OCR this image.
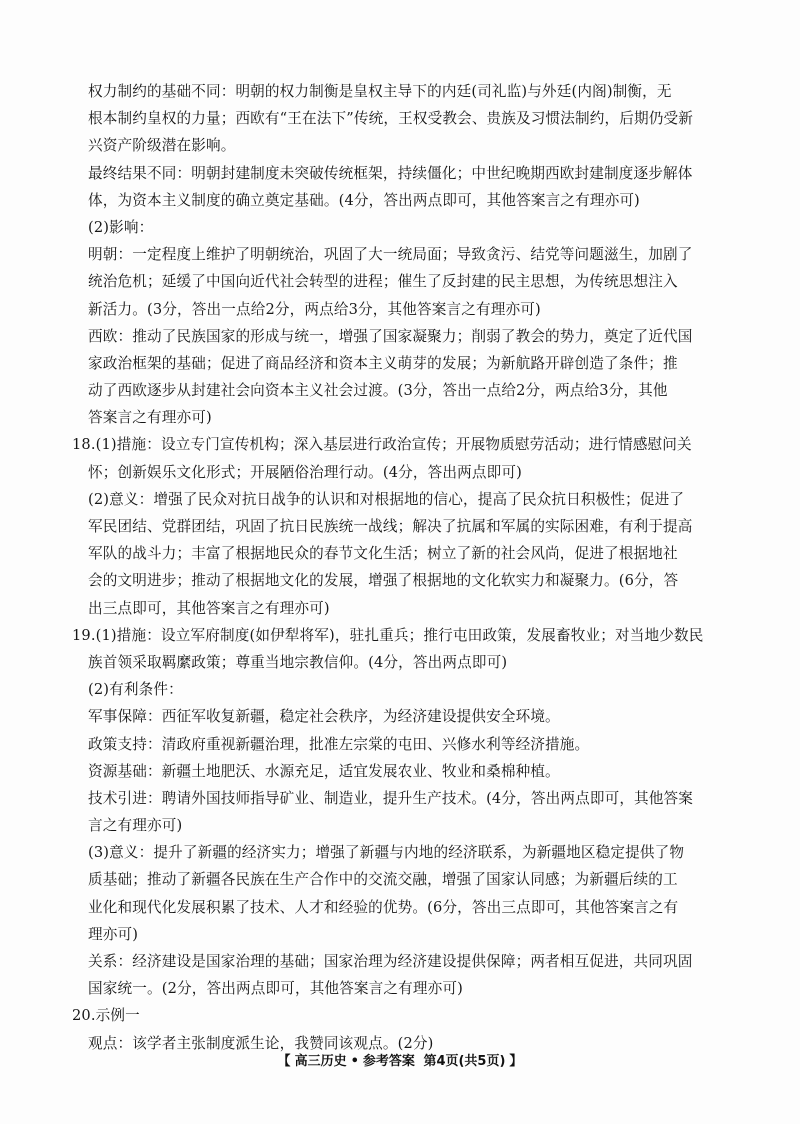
权力制约的基础不同：明朝的权力制衡是皇权主导下的内廷(司礼监)与外廷(内阁)制衡，无
根本制约皇权的力量；西欧有“王在法下”传统，王权受教会、贵族及习惯法制约，后期仍受新
兴资产阶级潜在影响。
最终结果不同：明朝封建制度未突破传统框架，持续僵化；中世纪晚期西欧封建制度逐步解体
体，为资本主义制度的确立奠定基础。(4分，答出两点即可，其他答案言之有理亦可)
(2)影响：
明朝：一定程度上维护了明朝统治，巩固了大一统局面；导致贪污、结党等问题滋生，加剧了
统治危机；延缓了中国向近代社会转型的进程；催生了反封建的民主思想，为传统思想注入
新活力。(3分，答出一点给2分，两点给3分，其他答案言之有理亦可)
西欧：推动了民族国家的形成与统一，增强了国家凝聚力；削弱了教会的势力，奠定了近代国
家政治框架的基础；促进了商品经济和资本主义萌芽的发展；为新航路开辟创造了条件；推
动了西欧逐步从封建社会向资本主义社会过渡。(3分，答出一点给2分，两点给3分，其他
答案言之有理亦可)
18.(1)措施：设立专门宣传机构；深入基层进行政治宣传；开展物质慰劳活动；进行情感慰问关
怀；创新娱乐文化形式；开展陋俗治理行动。(4分，答出两点即可)
(2)意义：增强了民众对抗日战争的认识和对根据地的信心，提高了民众抗日积极性；促进了
军民团结、党群团结，巩固了抗日民族统一战线；解决了抗属和军属的实际困难，有利于提高
军队的战斗力；丰富了根据地民众的春节文化生活；树立了新的社会风尚，促进了根据地社
会的文明进步；推动了根据地文化的发展，增强了根据地的文化软实力和凝聚力。(6分，答
出三点即可，其他答案言之有理亦可)
19.(1)措施：设立军府制度(如伊犁将军)，驻扎重兵；推行屯田政策，发展畜牧业；对当地少数民
族首领采取羁縻政策；尊重当地宗教信仰。(4分，答出两点即可)
(2)有利条件：
军事保障：西征军收复新疆，稳定社会秩序，为经济建设提供安全环境。
政策支持：清政府重视新疆治理，批准左宗棠的屯田、兴修水利等经济措施。
资源基础：新疆土地肥沃、水源充足，适宜发展农业、牧业和桑棉种植。
技术引进：聘请外国技师指导矿业、制造业，提升生产技术。(4分，答出两点即可，其他答案
言之有理亦可)
(3)意义：提升了新疆的经济实力；增强了新疆与内地的经济联系，为新疆地区稳定提供了物
质基础；推动了新疆各民族在生产合作中的交流交融，增强了国家认同感；为新疆后续的工
业化和现代化发展积累了技术、人才和经验的优势。(6分，答出三点即可，其他答案言之有
理亦可)
关系：经济建设是国家治理的基础；国家治理为经济建设提供保障；两者相互促进，共同巩固
国家统一。(2分，答出两点即可，其他答案言之有理亦可)
20.示例一
观点：该学者主张制度派生论，我赞同该观点。(2分)
【 高三历史 • 参考答案 第4页(共5页) 】
